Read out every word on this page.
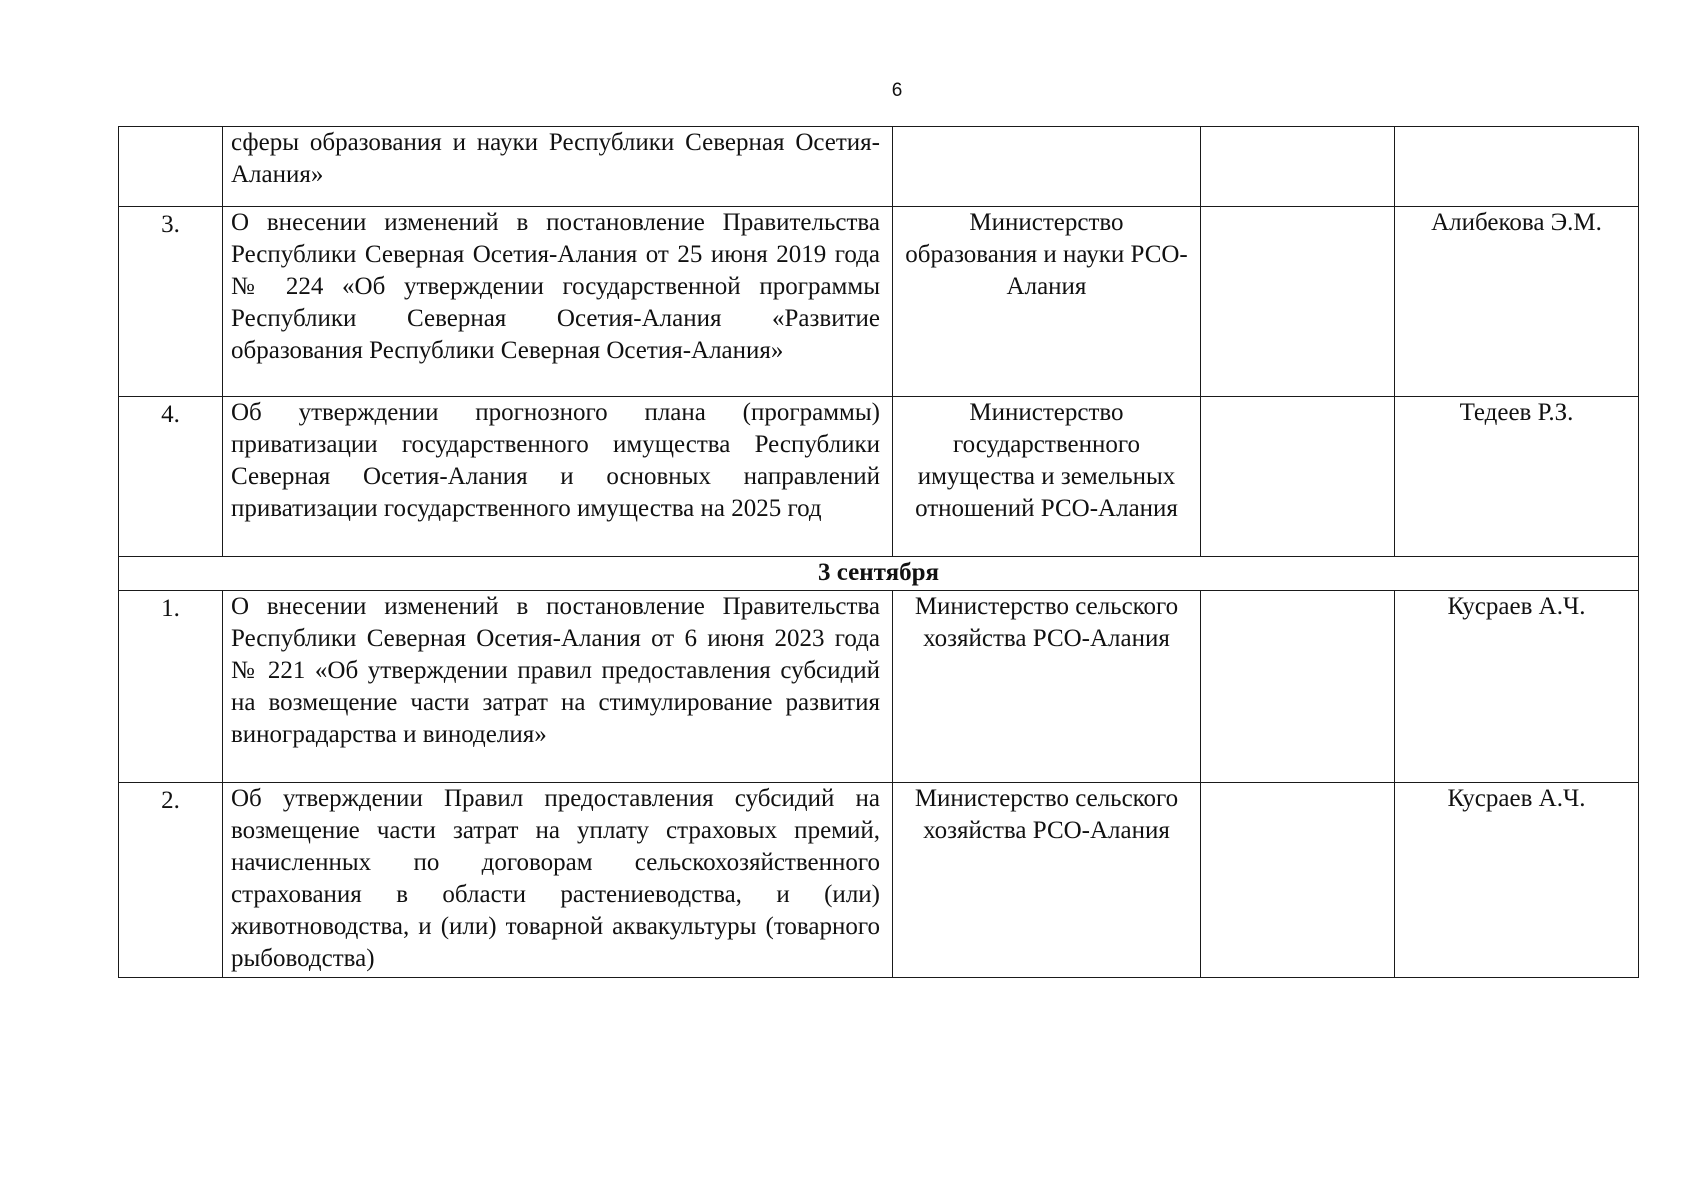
6
	сферы образования и науки Республики Северная Осетия-Алания»			
3.	О внесении изменений в постановление Правительства Республики Северная Осетия-Алания от 25 июня 2019 года № 224 «Об утверждении государственной программы Республики Северная Осетия-Алания «Развитие образования Республики Северная Осетия-Алания»	Министерство образования и науки РСО-Алания		Алибекова Э.М.
4.	Об утверждении прогнозного плана (программы) приватизации государственного имущества Республики Северная Осетия-Алания и основных направлений приватизации государственного имущества на 2025 год	Министерство государственного имущества и земельных отношений РСО-Алания		Тедеев Р.З.
3 сентября				
1.	О внесении изменений в постановление Правительства Республики Северная Осетия-Алания от 6 июня 2023 года № 221 «Об утверждении правил предоставления субсидий на возмещение части затрат на стимулирование развития виноградарства и виноделия»	Министерство сельского хозяйства РСО-Алания		Кусраев А.Ч.
2.	Об утверждении Правил предоставления субсидий на возмещение части затрат на уплату страховых премий, начисленных по договорам сельскохозяйственного страхования в области растениеводства, и (или) животноводства, и (или) товарной аквакультуры (товарного рыбоводства)	Министерство сельского хозяйства РСО-Алания		Кусраев А.Ч.
